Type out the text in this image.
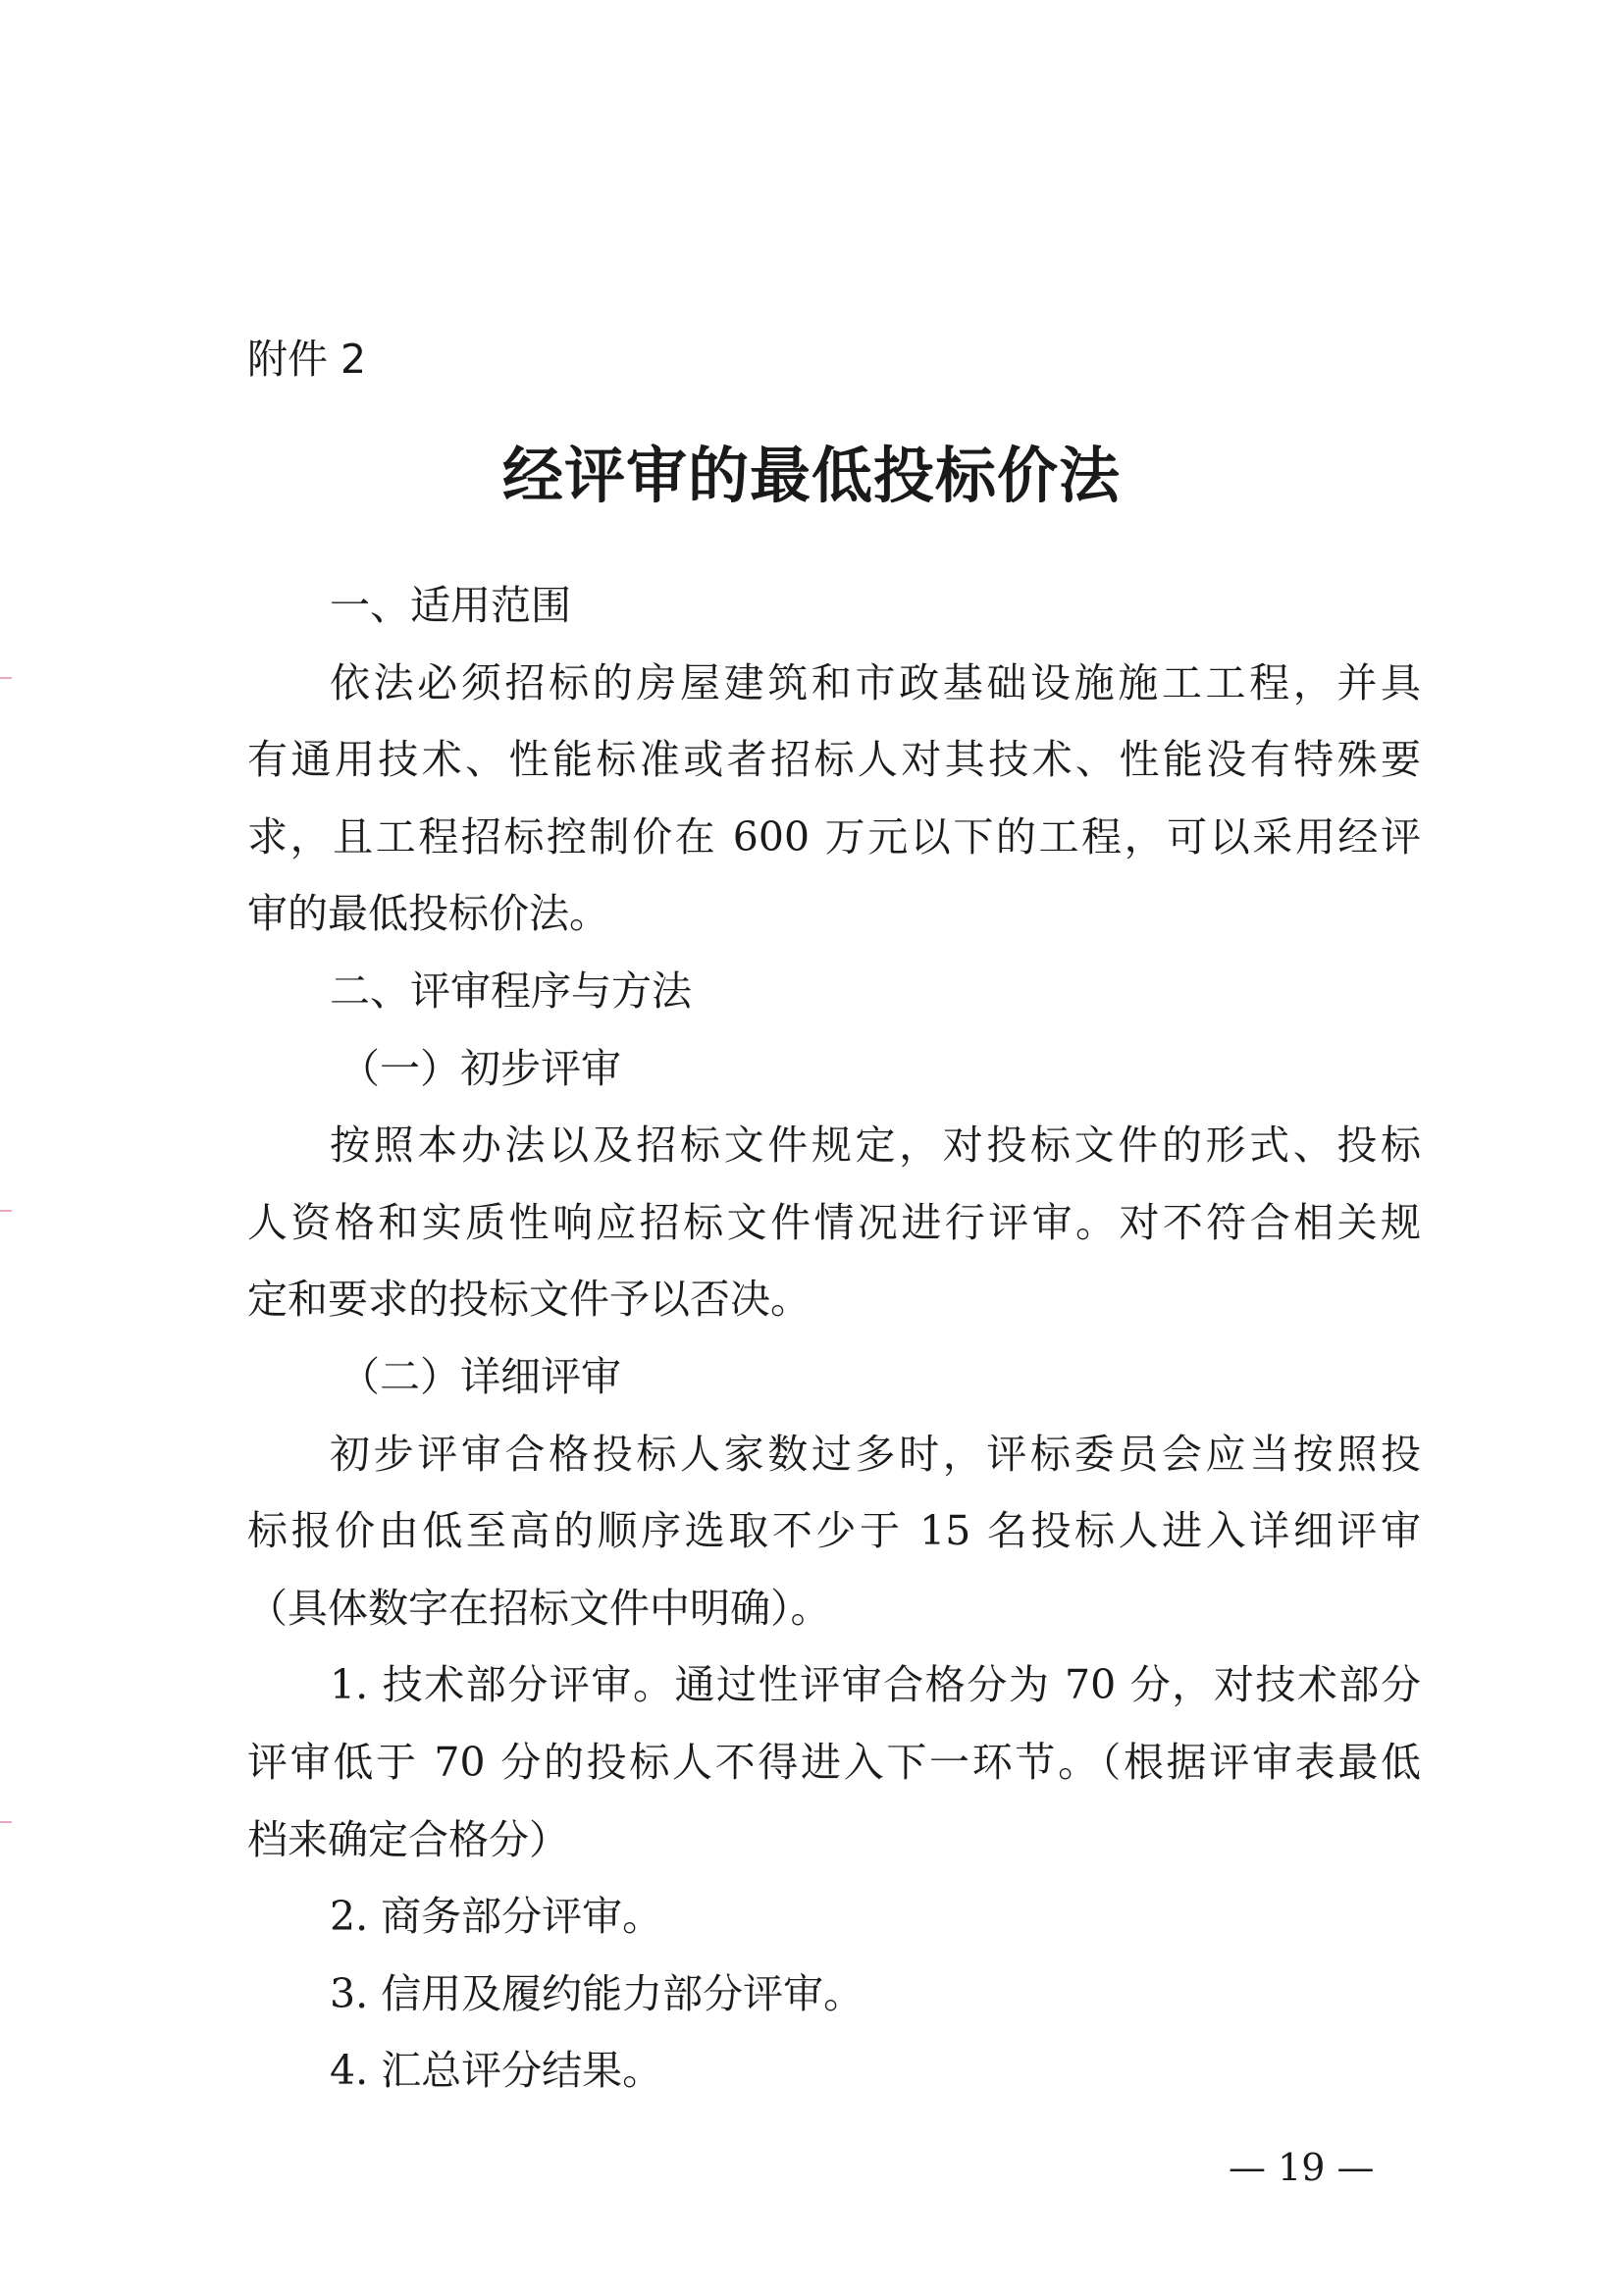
附件 2

经评审的最低投标价法

一、适用范围

依法必须招标的房屋建筑和市政基础设施施工工程，并具

有通用技术、性能标准或者招标人对其技术、性能没有特殊要

求，且工程招标控制价在 600 万元以下的工程，可以采用经评

审的最低投标价法。

二、评审程序与方法

（一）初步评审

按照本办法以及招标文件规定，对投标文件的形式、投标

人资格和实质性响应招标文件情况进行评审。对不符合相关规

定和要求的投标文件予以否决。

（二）详细评审

初步评审合格投标人家数过多时，评标委员会应当按照投

标报价由低至高的顺序选取不少于 15 名投标人进入详细评审

（具体数字在招标文件中明确）。

1. 技术部分评审。通过性评审合格分为 70 分，对技术部分

评审低于 70 分的投标人不得进入下一环节。（根据评审表最低

档来确定合格分）

2. 商务部分评审。

3. 信用及履约能力部分评审。

4. 汇总评分结果。

— 19 —
